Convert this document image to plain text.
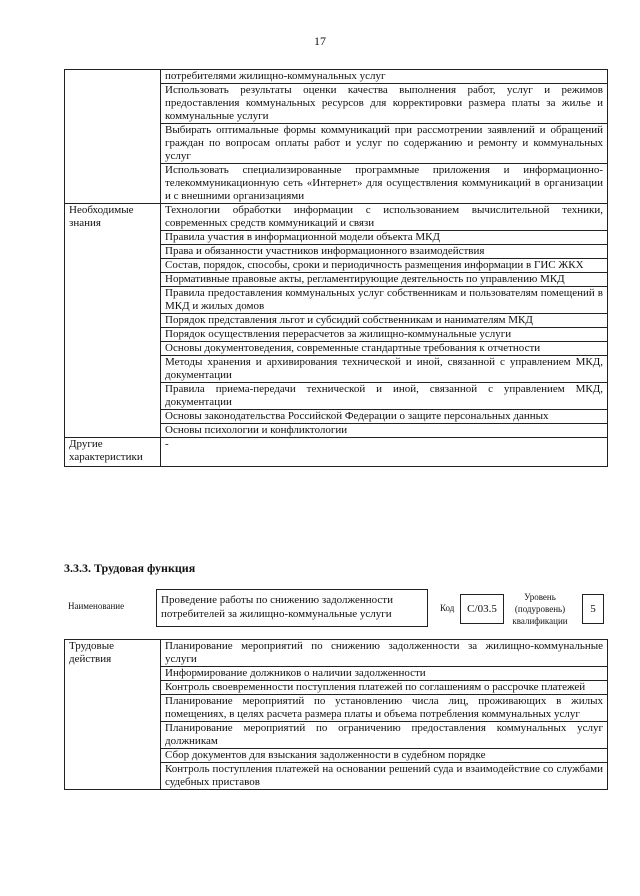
17
	потребителями жилищно-коммунальных услуг
	Использовать результаты оценки качества выполнения работ, услуг и режимов предоставления коммунальных ресурсов для корректировки размера платы за жилье и коммунальные услуги
	Выбирать оптимальные формы коммуникаций при рассмотрении заявлений и обращений граждан по вопросам оплаты работ и услуг по содержанию и ремонту и коммунальных услуг
	Использовать специализированные программные приложения и информационно-телекоммуникационную сеть «Интернет» для осуществления коммуникаций в организации и с внешними организациями
Необходимые знания	Технологии обработки информации с использованием вычислительной техники, современных средств коммуникаций и связи
	Правила участия в информационной модели объекта МКД
	Права и обязанности участников информационного взаимодействия
	Состав, порядок, способы, сроки и периодичность размещения информации в ГИС ЖКХ
	Нормативные правовые акты, регламентирующие деятельность по управлению МКД
	Правила предоставления коммунальных услуг собственникам и пользователям помещений в МКД и жилых домов
	Порядок представления льгот и субсидий собственникам и нанимателям МКД
	Порядок осуществления перерасчетов за жилищно-коммунальные услуги
	Основы документоведения, современные стандартные требования к отчетности
	Методы хранения и архивирования технической и иной, связанной с управлением МКД, документации
	Правила приема-передачи технической и иной, связанной с управлением МКД, документации
	Основы законодательства Российской Федерации о защите персональных данных
	Основы психологии и конфликтологии
Другие характеристики	-
3.3.3. Трудовая функция
Наименование	Проведение работы по снижению задолженности потребителей за жилищно-коммунальные услуги	Код	C/03.5
Уровень (подуровень) квалификации
5
Трудовые действия	Планирование мероприятий по снижению задолженности за жилищно-коммунальные услуги
Информирование должников о наличии задолженности
Контроль своевременности поступления платежей по соглашениям о рассрочке платежей
Планирование мероприятий по установлению числа лиц, проживающих в жилых помещениях, в целях расчета размера платы и объема потребления коммунальных услуг
Планирование мероприятий по ограничению предоставления коммунальных услуг должникам
Сбор документов для взыскания задолженности в судебном порядке
Контроль поступления платежей на основании решений суда и взаимодействие со службами судебных приставов
